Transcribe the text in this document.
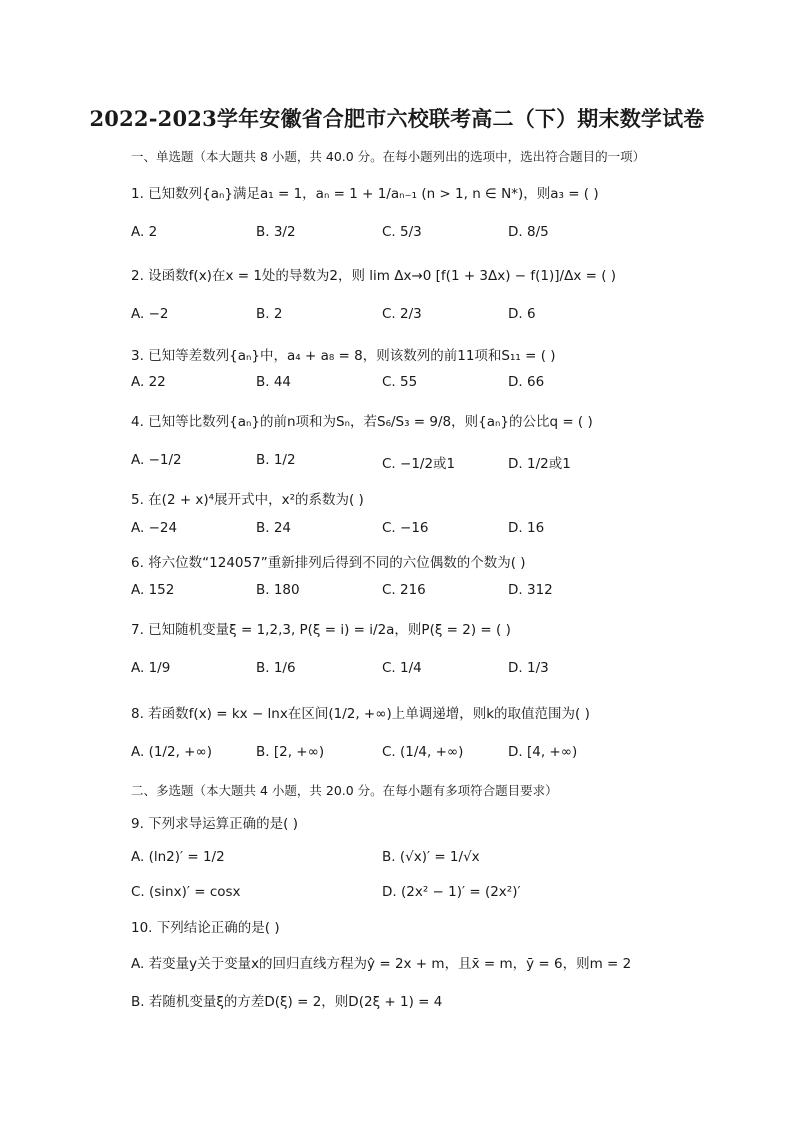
2022-2023学年安徽省合肥市六校联考高二（下）期末数学试卷
一、单选题（本大题共 8 小题，共 40.0 分。在每小题列出的选项中，选出符合题目的一项）
1. 已知数列{aₙ}满足a₁ = 1，aₙ = 1 + 1/aₙ₋₁ (n > 1, n ∈ N*)，则a₃ = ( )
A. 2	B. 3/2	C. 5/3	D. 8/5
2. 设函数f(x)在x = 1处的导数为2，则 lim Δx→0 [f(1 + 3Δx) − f(1)]/Δx = ( )
A. −2	B. 2	C. 2/3	D. 6
3. 已知等差数列{aₙ}中，a₄ + a₈ = 8，则该数列的前11项和S₁₁ = ( )
A. 22	B. 44	C. 55	D. 66
4. 已知等比数列{aₙ}的前n项和为Sₙ，若S₆/S₃ = 9/8，则{aₙ}的公比q = ( )
A. −1/2	B. 1/2	C. −1/2或1	D. 1/2或1
5. 在(2 + x)⁴展开式中，x²的系数为( )
A. −24	B. 24	C. −16	D. 16
6. 将六位数“124057”重新排列后得到不同的六位偶数的个数为( )
A. 152	B. 180	C. 216	D. 312
7. 已知随机变量ξ = 1,2,3, P(ξ = i) = i/2a，则P(ξ = 2) = ( )
A. 1/9	B. 1/6	C. 1/4	D. 1/3
8. 若函数f(x) = kx − lnx在区间(1/2, +∞)上单调递增，则k的取值范围为( )
A. (1/2, +∞)	B. [2, +∞)	C. (1/4, +∞)	D. [4, +∞)
二、多选题（本大题共 4 小题，共 20.0 分。在每小题有多项符合题目要求）
9. 下列求导运算正确的是( )
A. (ln2)′ = 1/2	B. (√x)′ = 1/√x
C. (sinx)′ = cosx	D. (2x² − 1)′ = (2x²)′
10. 下列结论正确的是( )
A. 若变量y关于变量x的回归直线方程为ŷ = 2x + m，且x̄ = m，ȳ = 6，则m = 2
B. 若随机变量ξ的方差D(ξ) = 2，则D(2ξ + 1) = 4
